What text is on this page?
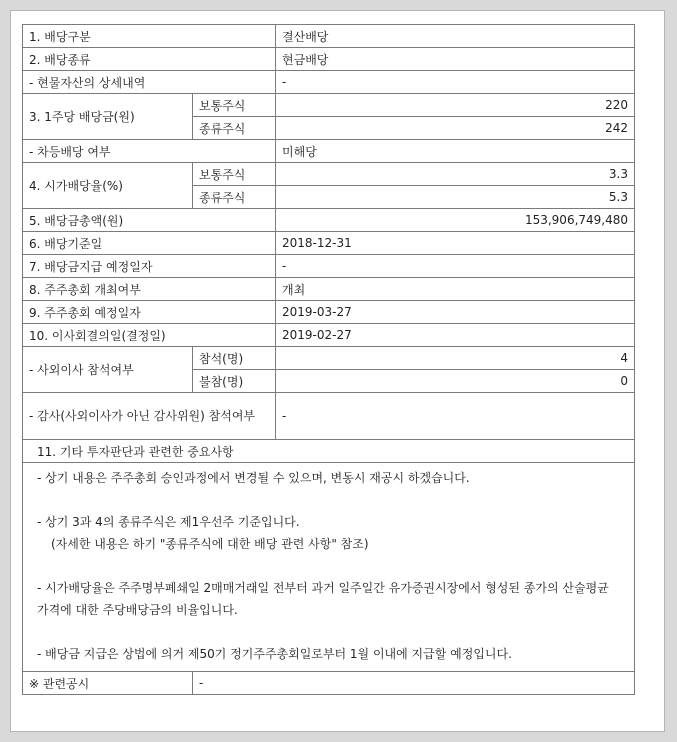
1. 배당구분		결산배당
2. 배당종류		현금배당
- 현물자산의 상세내역		-
3. 1주당 배당금(원)	보통주식	220
	종류주식	242
- 차등배당 여부		미해당
4. 시가배당율(%)	보통주식	3.3
	종류주식	5.3
5. 배당금총액(원)		153,906,749,480
6. 배당기준일		2018-12-31
7. 배당금지급 예정일자		-
8. 주주총회 개최여부		개최
9. 주주총회 예정일자		2019-03-27
10. 이사회결의일(결정일)		2019-02-27
- 사외이사 참석여부	참석(명)	4
	불참(명)	0
- 감사(사외이사가 아닌 감사위원) 참석여부		-
11. 기타 투자판단과 관련한 중요사항		

- 상기 내용은 주주총회 승인과정에서 변경될 수 있으며, 변동시 재공시 하겠습니다.
- 상기 3과 4의 종류주식은 제1우선주 기준입니다.
(자세한 내용은 하기 "종류주식에 대한 배당 관련 사항" 참조)
- 시가배당율은 주주명부폐쇄일 2매매거래일 전부터 과거 일주일간 유가증권시장에서 형성된 종가의 산술평균가격에 대한 주당배당금의 비율입니다.
- 배당금 지급은 상법에 의거 제50기 정기주주총회일로부터 1월 이내에 지급할 예정입니다.		

※ 관련공시	-	
